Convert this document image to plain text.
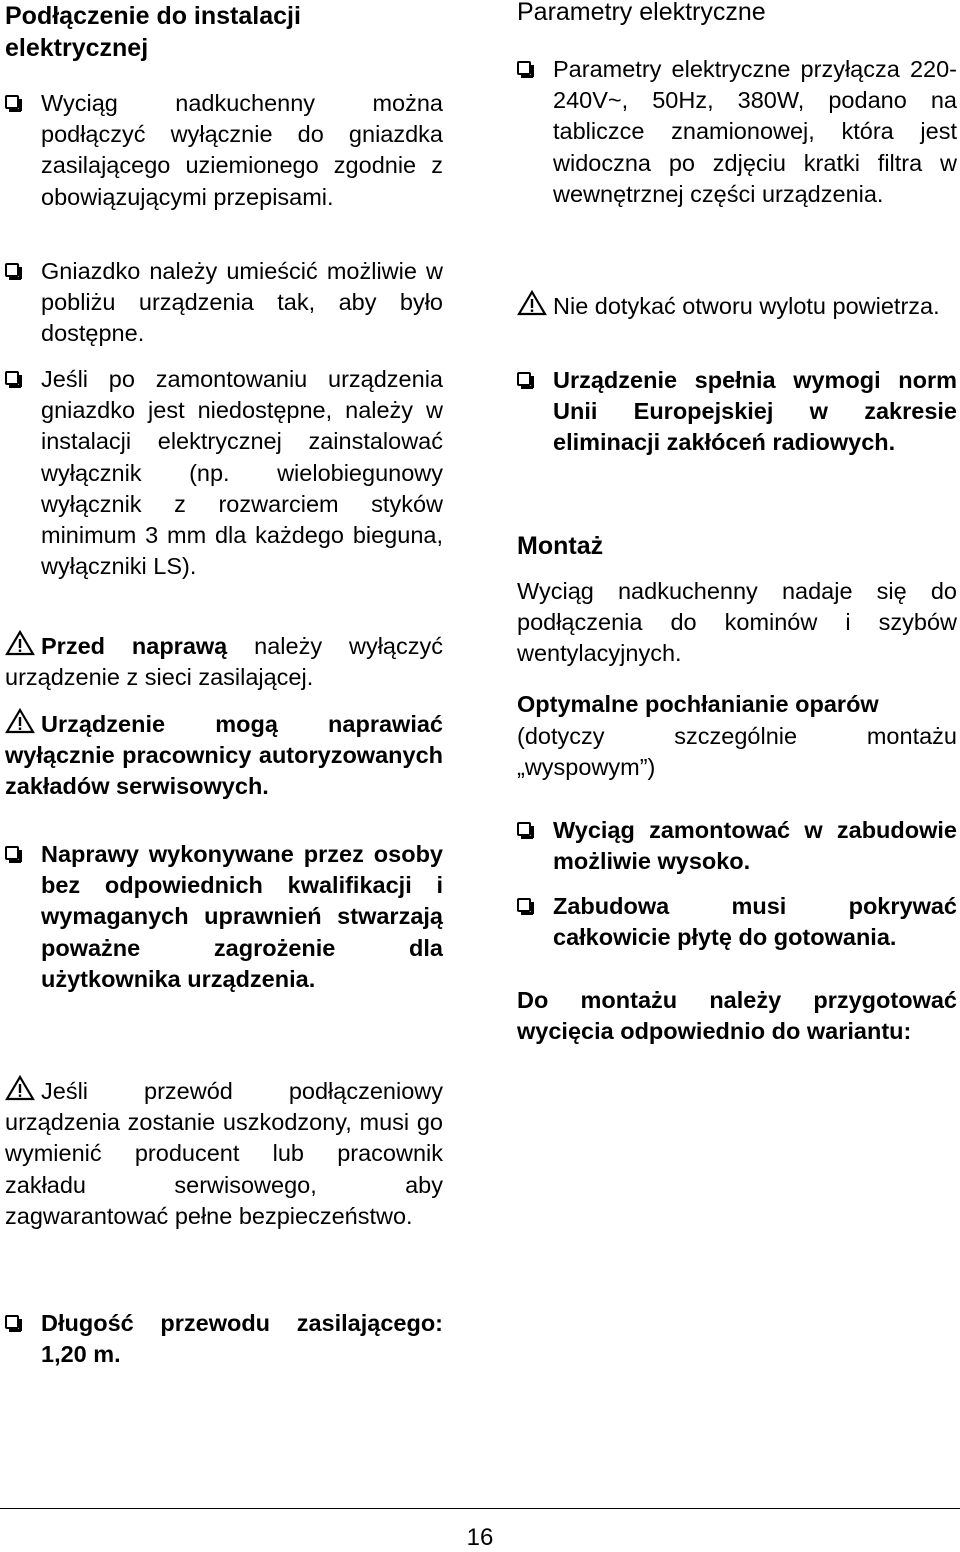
Podłączenie do instalacji elektrycznej
Wyciąg nadkuchenny można podłączyć wyłącznie do gniazdka zasilającego uziemionego zgodnie z obowiązującymi przepisami.
Gniazdko należy umieścić możliwie w pobliżu urządzenia tak, aby było dostępne.
Jeśli po zamontowaniu urządzenia gniazdko jest niedostępne, należy w instalacji elektrycznej zainstalować wyłącznik (np. wielobiegunowy wyłącznik z rozwarciem styków minimum 3 mm dla każdego bieguna, wyłączniki LS).
Przed naprawą należy wyłączyć urządzenie z sieci zasilającej.
Urządzenie mogą naprawiać wyłącznie pracownicy autoryzowanych zakładów serwisowych.
Naprawy wykonywane przez osoby bez odpowiednich kwalifikacji i wymaganych uprawnień stwarzają poważne zagrożenie dla użytkownika urządzenia.
Jeśli przewód podłączeniowy urządzenia zostanie uszkodzony, musi go wymienić producent lub pracownik zakładu serwisowego, aby zagwarantować pełne bezpieczeństwo.
Długość przewodu zasilającego: 1,20 m.
Parametry elektryczne
Parametry elektryczne przyłącza 220-240V~, 50Hz, 380W, podano na tabliczce znamionowej, która jest widoczna po zdjęciu kratki filtra w wewnętrznej części urządzenia.
Nie dotykać otworu wylotu powietrza.
Urządzenie spełnia wymogi norm Unii Europejskiej w zakresie eliminacji zakłóceń radiowych.
Montaż
Wyciąg nadkuchenny nadaje się do podłączenia do kominów i szybów wentylacyjnych.
Optymalne pochłanianie oparów
(dotyczy szczególnie montażu „wyspowym”)
Wyciąg zamontować w zabudowie możliwie wysoko.
Zabudowa musi pokrywać całkowicie płytę do gotowania.
Do montażu należy przygotować wycięcia odpowiednio do wariantu:
16
